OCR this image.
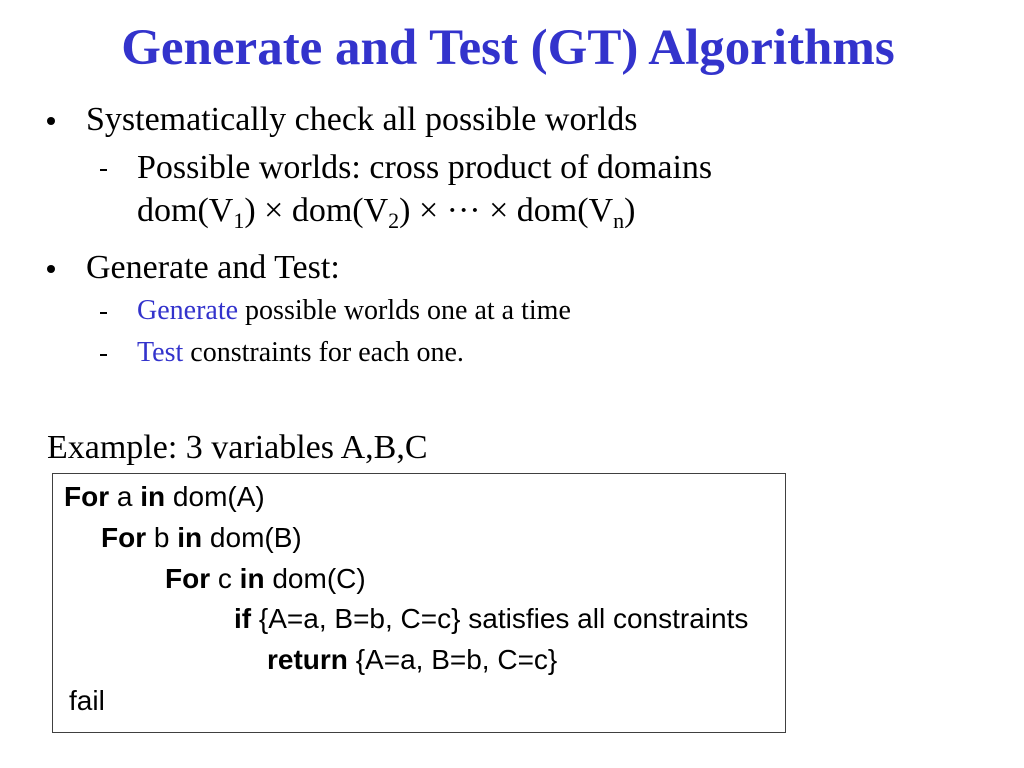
Generate and Test (GT) Algorithms
Systematically check all possible worlds
Possible worlds: cross product of domains
$dom(V_1) \times dom(V_2)$ × ··· × $dom(V_n)$
Generate and Test:
Generate possible worlds one at a time
Test constraints for each one.
Example: 3 variables A,B,C
For a in dom(A)
For b in dom(B)
For c in dom(C)
if {A=a, B=b, C=c} satisfies all constraints
return {A=a, B=b, C=c}
fail
